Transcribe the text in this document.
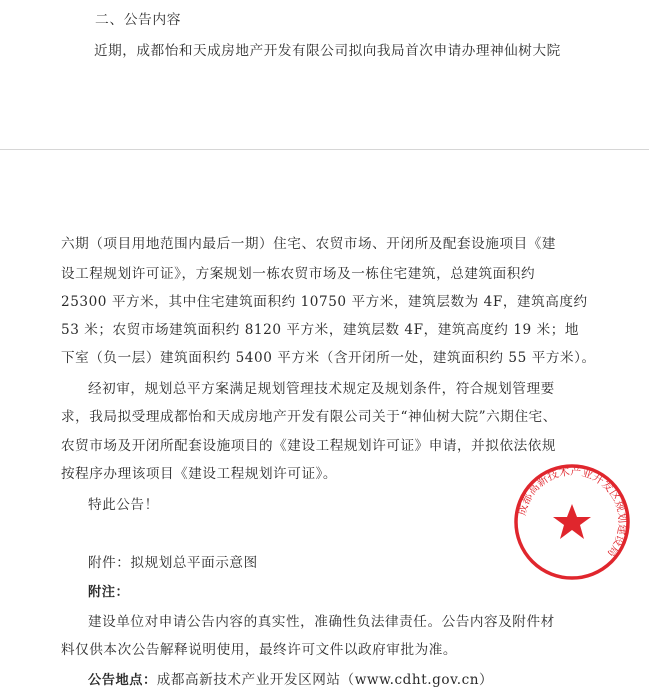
二、公告内容
近期，成都怡和天成房地产开发有限公司拟向我局首次申请办理神仙树大院
六期（项目用地范围内最后一期）住宅、农贸市场、开闭所及配套设施项目《建
设工程规划许可证》，方案规划一栋农贸市场及一栋住宅建筑，总建筑面积约
25300 平方米，其中住宅建筑面积约 10750 平方米，建筑层数为 4F，建筑高度约
53 米；农贸市场建筑面积约 8120 平方米，建筑层数 4F，建筑高度约 19 米；地
下室（负一层）建筑面积约 5400 平方米（含开闭所一处，建筑面积约 55 平方米）。
经初审，规划总平方案满足规划管理技术规定及规划条件，符合规划管理要
求，我局拟受理成都怡和天成房地产开发有限公司关于“神仙树大院”六期住宅、
农贸市场及开闭所配套设施项目的《建设工程规划许可证》申请，并拟依法依规
按程序办理该项目《建设工程规划许可证》。
特此公告！
附件：拟规划总平面示意图
附注：
建设单位对申请公告内容的真实性，准确性负法律责任。公告内容及附件材
料仅供本次公告解释说明使用，最终许可文件以政府审批为准。
公告地点：成都高新技术产业开发区网站（www.cdht.gov.cn）
成都高新技术产业开发区规划建设局
